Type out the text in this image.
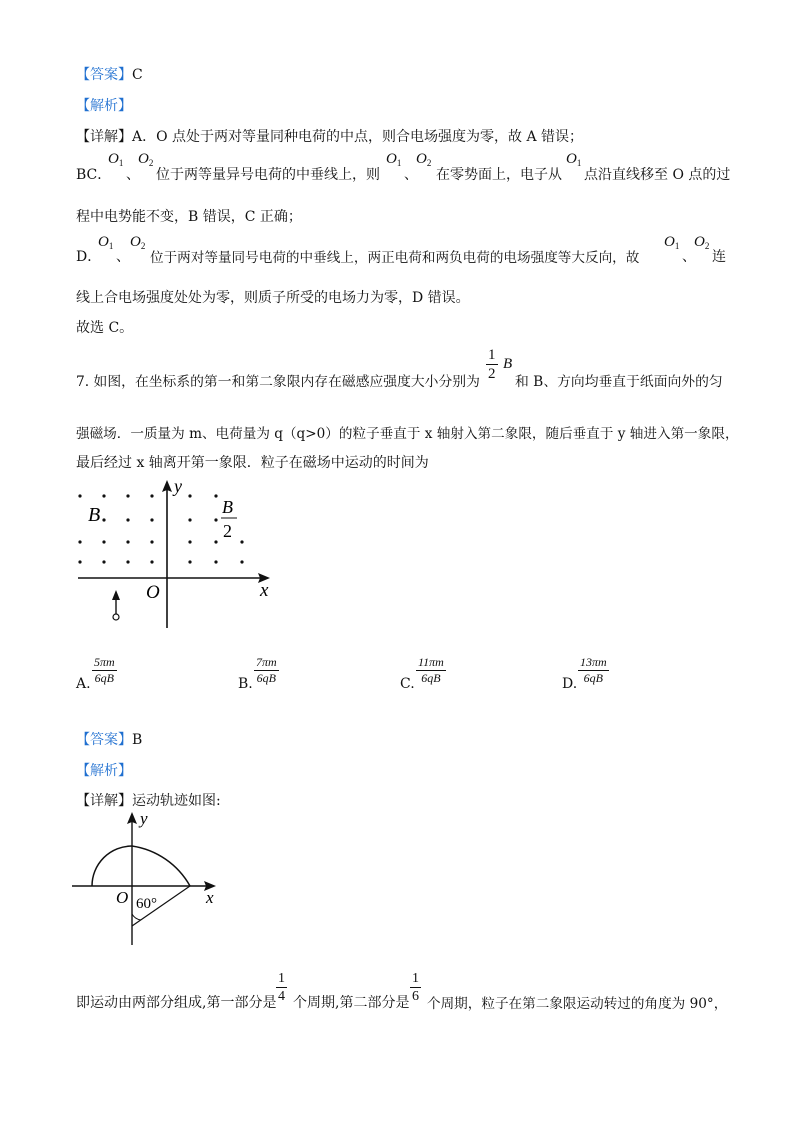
【答案】C
【解析】
【详解】A．O 点处于两对等量同种电荷的中点，则合电场强度为零，故 A 错误；
BC．
$O_1$
、
$O_2$
位于两等量异号电荷的中垂线上，则
$O_1$
、
$O_2$
在零势面上，电子从
$O_1$
点沿直线移至 O 点的过
程中电势能不变，B 错误，C 正确；
D．
$O_1$
、
$O_2$
位于两对等量同号电荷的中垂线上，两正电荷和两负电荷的电场强度等大反向，故
$O_1$
、
$O_2$
连
线上合电场强度处处为零，则质子所受的电场力为零，D 错误。
故选 C。
7. 如图，在坐标系的第一和第二象限内存在磁感应强度大小分别为 $\frac{1}{2}$ B
和 B、方向均垂直于纸面向外的匀
强磁场．一质量为 m、电荷量为 q（q>0）的粒子垂直于 x 轴射入第二象限，随后垂直于 y 轴进入第一象限，
最后经过 x 轴离开第一象限．粒子在磁场中运动的时间为
y
x
O
B	B
2
A. $\frac{5\pi m}{6qB}$	B. $\frac{7\pi m}{6qB}$	C. $\frac{11\pi m}{6qB}$	D. $\frac{13\pi m}{6qB}$
【答案】B
【解析】
【详解】运动轨迹如图:
y
x
O 60°
即运动由两部分组成,第一部分是 $\frac{1}{4}$ 个周期,第二部分是 $\frac{1}{6}$ 个周期，粒子在第二象限运动转过的角度为 90°，
